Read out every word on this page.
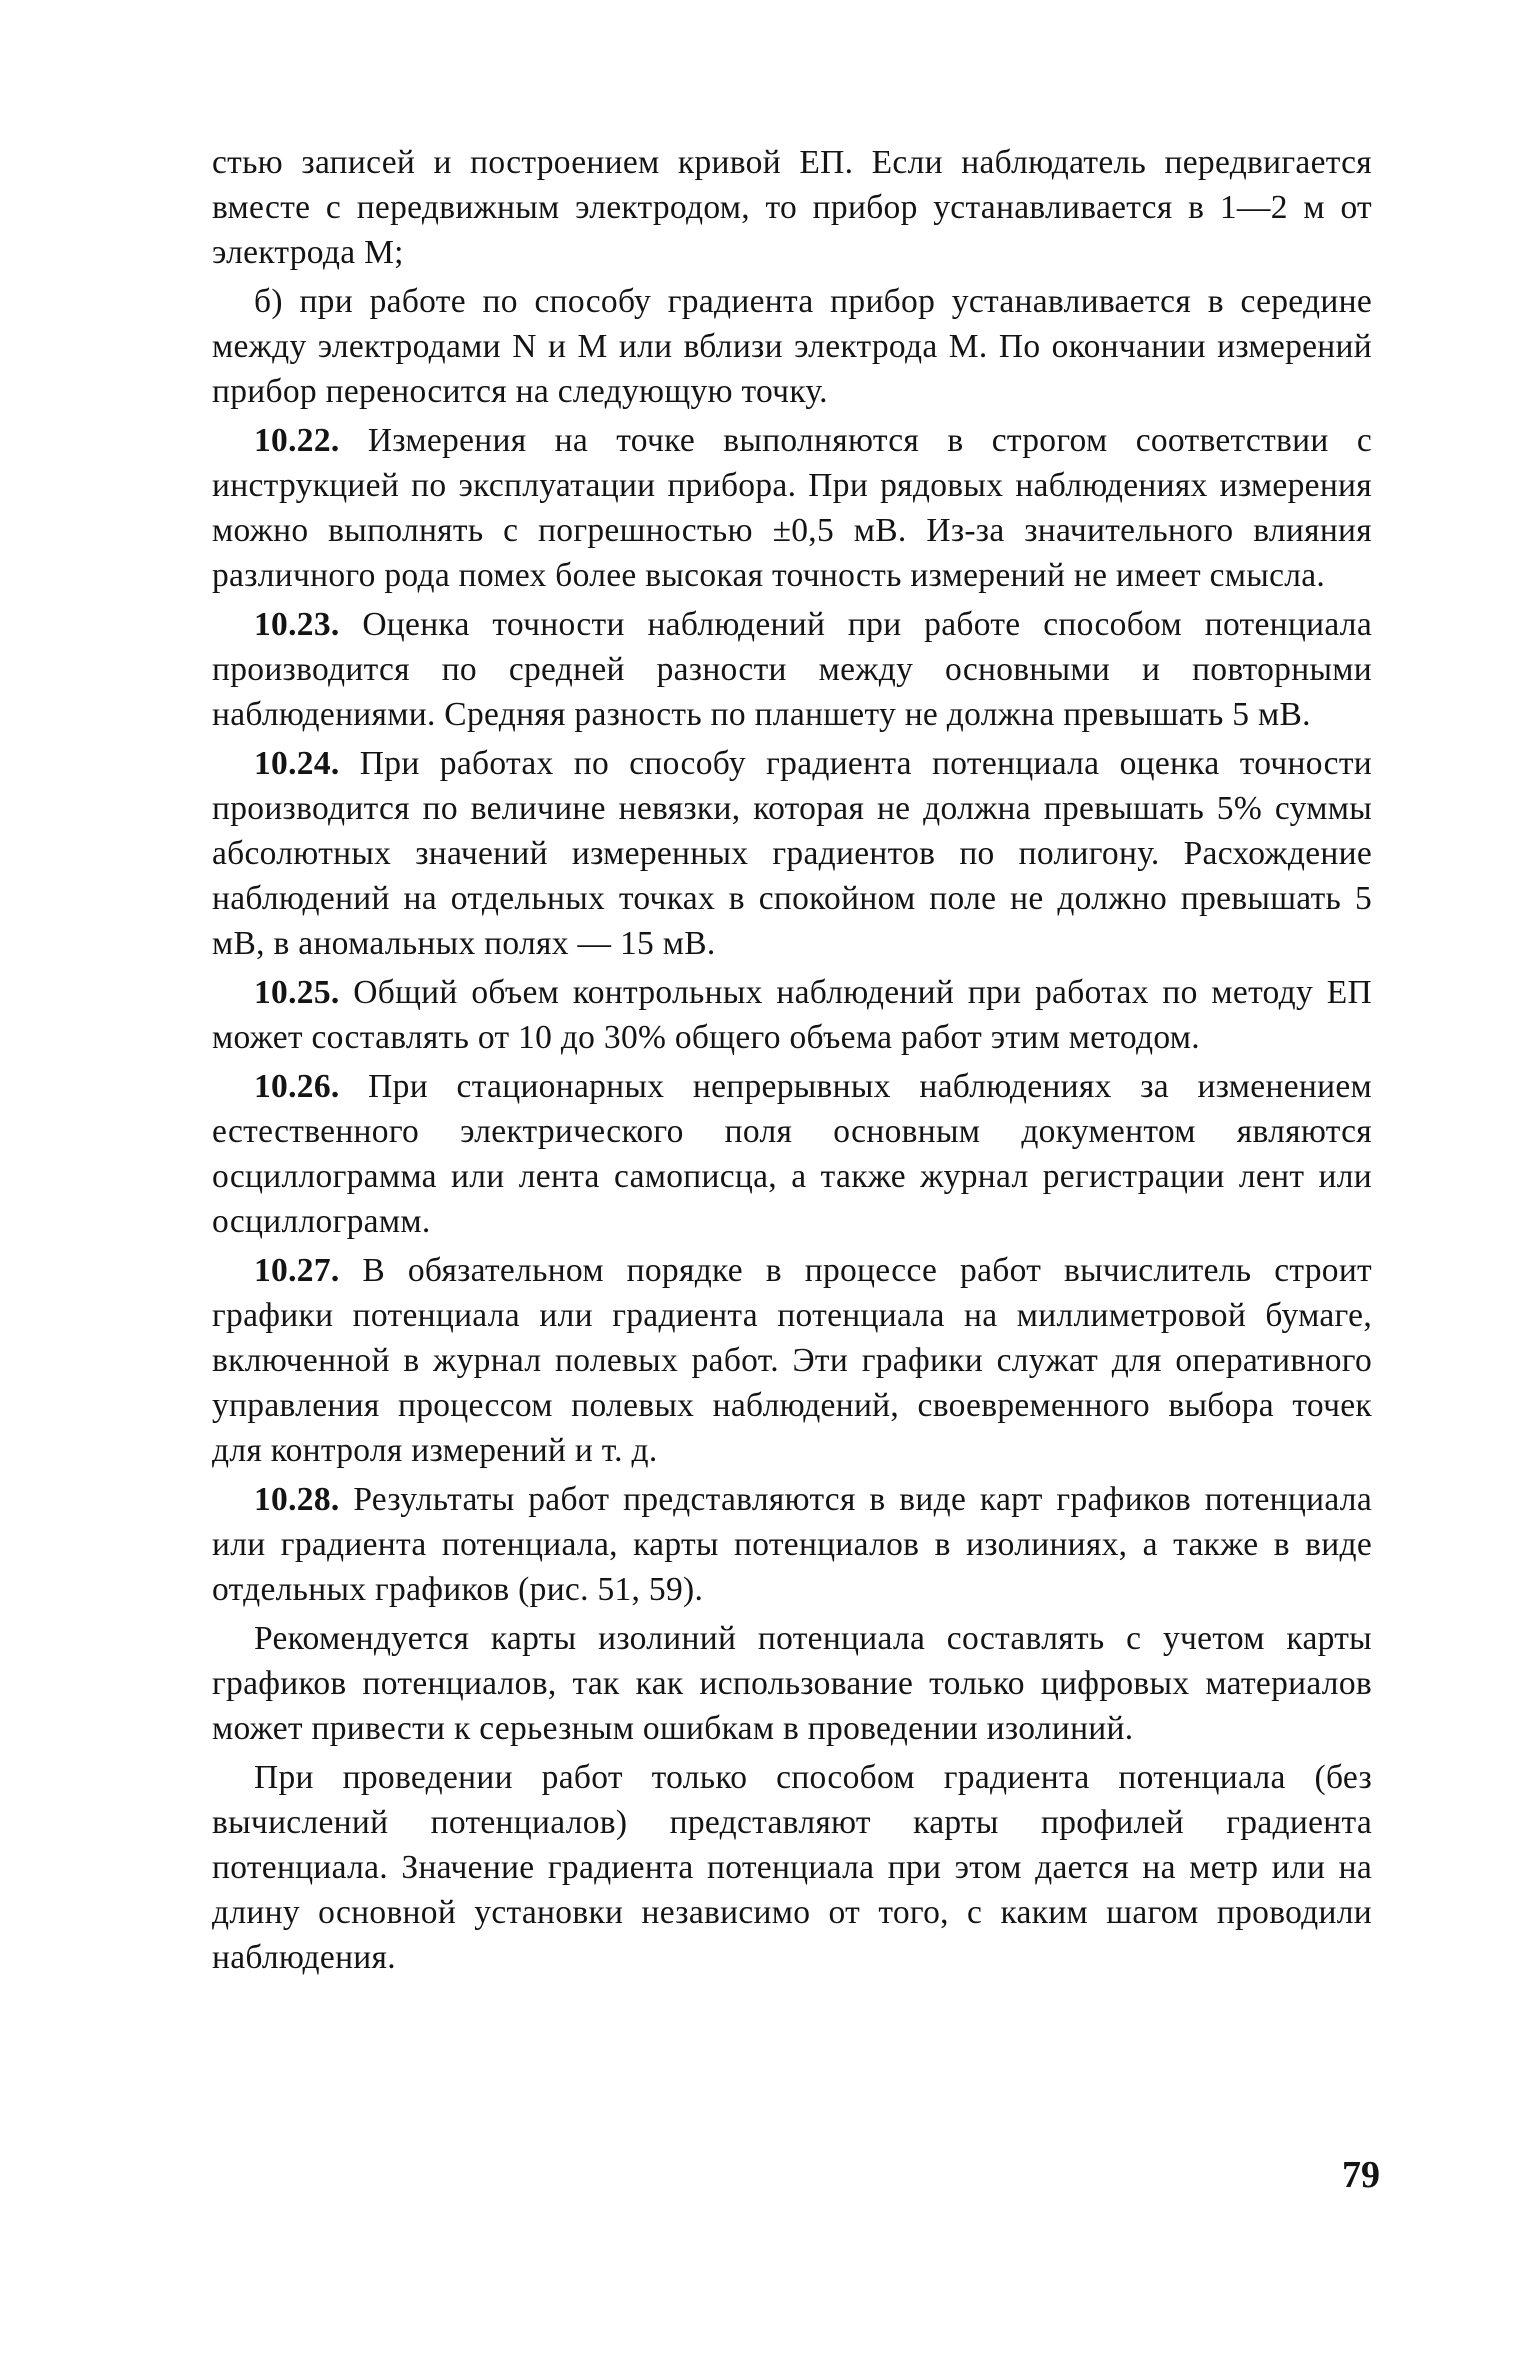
стью записей и построением кривой ЕП. Если наблюдатель передвигается вместе с передвижным электродом, то прибор устанавливается в 1—2 м от электрода М;

б) при работе по способу градиента прибор устанавливается в середине между электродами N и М или вблизи электрода М. По окончании измерений прибор переносится на следующую точку.

10.22. Измерения на точке выполняются в строгом соответствии с инструкцией по эксплуатации прибора. При рядовых наблюдениях измерения можно выполнять с погрешностью ±0,5 мВ. Из-за значительного влияния различного рода помех более высокая точность измерений не имеет смысла.

10.23. Оценка точности наблюдений при работе способом потенциала производится по средней разности между основными и повторными наблюдениями. Средняя разность по планшету не должна превышать 5 мВ.

10.24. При работах по способу градиента потенциала оценка точности производится по величине невязки, которая не должна превышать 5% суммы абсолютных значений измеренных градиентов по полигону. Расхождение наблюдений на отдельных точках в спокойном поле не должно превышать 5 мВ, в аномальных полях — 15 мВ.

10.25. Общий объем контрольных наблюдений при работах по методу ЕП может составлять от 10 до 30% общего объема работ этим методом.

10.26. При стационарных непрерывных наблюдениях за изменением естественного электрического поля основным документом являются осциллограмма или лента самописца, а также журнал регистрации лент или осциллограмм.

10.27. В обязательном порядке в процессе работ вычислитель строит графики потенциала или градиента потенциала на миллиметровой бумаге, включенной в журнал полевых работ. Эти графики служат для оперативного управления процессом полевых наблюдений, своевременного выбора точек для контроля измерений и т. д.

10.28. Результаты работ представляются в виде карт графиков потенциала или градиента потенциала, карты потенциалов в изолиниях, а также в виде отдельных графиков (рис. 51, 59).

Рекомендуется карты изолиний потенциала составлять с учетом карты графиков потенциалов, так как использование только цифровых материалов может привести к серьезным ошибкам в проведении изолиний.

При проведении работ только способом градиента потенциала (без вычислений потенциалов) представляют карты профилей градиента потенциала. Значение градиента потенциала при этом дается на метр или на длину основной установки независимо от того, с каким шагом проводили наблюдения.

79
